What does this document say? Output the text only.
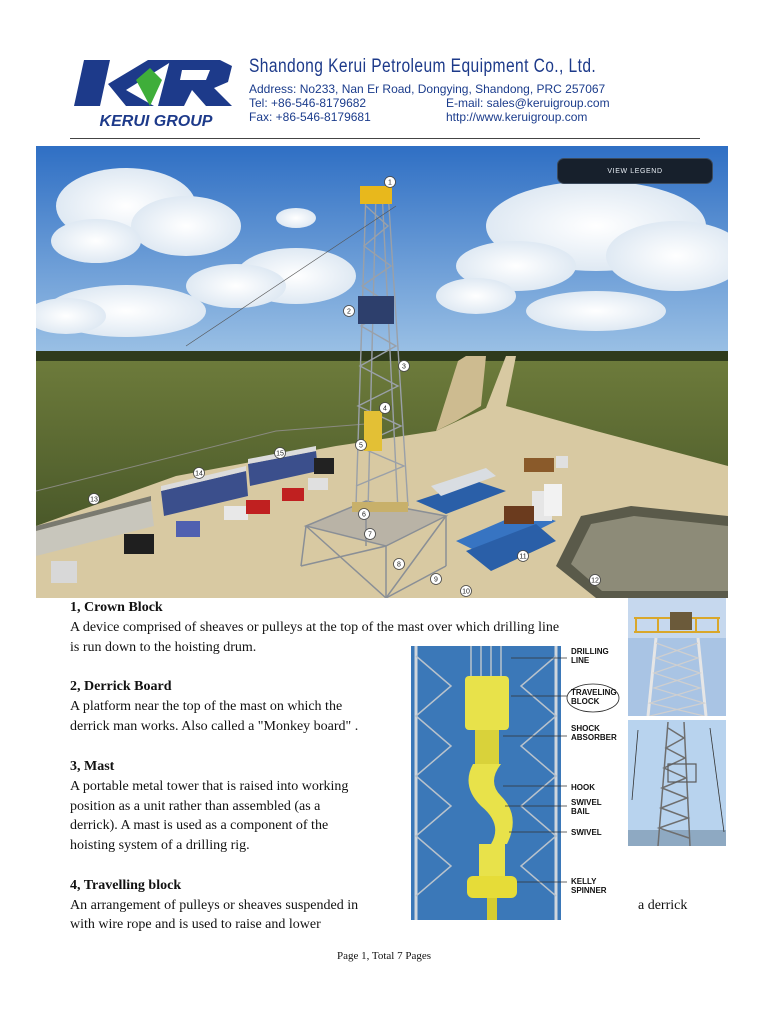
KERUI GROUP
Shandong Kerui Petroleum Equipment Co., Ltd.
Address: No233, Nan Er Road, Dongying, Shandong, PRC 257067
Tel: +86-546-8179682
Fax: +86-546-8179681
E-mail: sales@keruigroup.com
http://www.keruigroup.com
1
2
3
4
5
6
7
8
9
10
11
12
13
14
15
VIEW LEGEND
1, Crown Block
A device comprised of sheaves or pulleys at the top of the mast over which drilling line
is run down to the hoisting drum.
2, Derrick Board
A platform near the top of the mast on which the
derrick man works. Also called a "Monkey board" .
3, Mast
A portable metal tower that is raised into working
position as a unit rather than assembled (as a
derrick). A mast is used as a component of the
hoisting system of a drilling rig.
4, Travelling block
An arrangement of pulleys or sheaves suspended in	a derrick
with wire rope and is used to raise and lower
DRILLING
LINE
TRAVELING
BLOCK
SHOCK
ABSORBER
HOOK
SWIVEL
BAIL
SWIVEL
KELLY
SPINNER
Page 1, Total 7 Pages
